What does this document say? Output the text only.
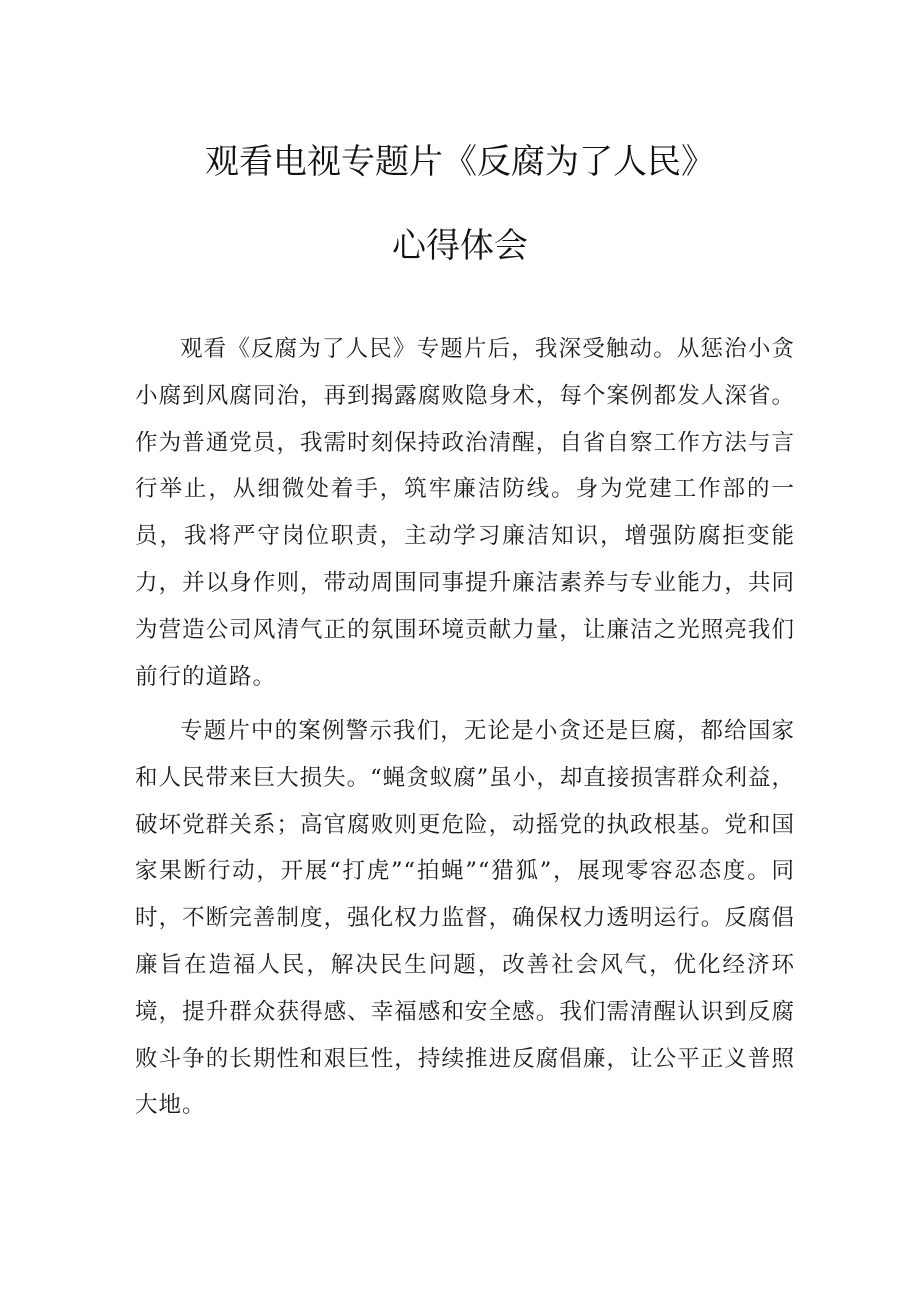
观看电视专题片《反腐为了人民》
心得体会

观看《反腐为了人民》专题片后，我深受触动。从惩治小贪小腐到风腐同治，再到揭露腐败隐身术，每个案例都发人深省。作为普通党员，我需时刻保持政治清醒，自省自察工作方法与言行举止，从细微处着手，筑牢廉洁防线。身为党建工作部的一员，我将严守岗位职责，主动学习廉洁知识，增强防腐拒变能力，并以身作则，带动周围同事提升廉洁素养与专业能力，共同为营造公司风清气正的氛围环境贡献力量，让廉洁之光照亮我们前行的道路。

专题片中的案例警示我们，无论是小贪还是巨腐，都给国家和人民带来巨大损失。“蝇贪蚁腐”虽小，却直接损害群众利益，破坏党群关系；高官腐败则更危险，动摇党的执政根基。党和国家果断行动，开展“打虎”“拍蝇”“猎狐”，展现零容忍态度。同时，不断完善制度，强化权力监督，确保权力透明运行。反腐倡廉旨在造福人民，解决民生问题，改善社会风气，优化经济环境，提升群众获得感、幸福感和安全感。我们需清醒认识到反腐败斗争的长期性和艰巨性，持续推进反腐倡廉，让公平正义普照大地。
